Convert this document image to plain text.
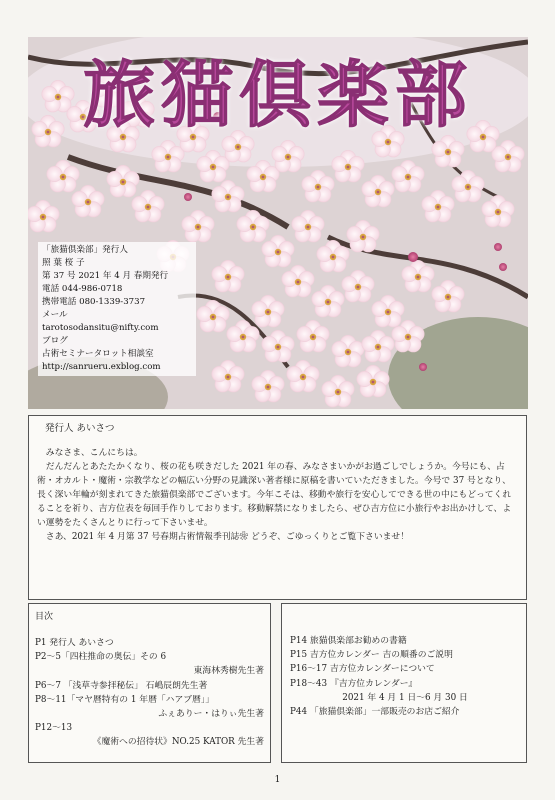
旅猫倶楽部
「旅猫倶楽部」発行人
照 葉 桜 子
第 37 号 2021 年 4 月 春期発行
電話 044-986-0718
携帯電話 080-1339-3737
メール
tarotosodansitu@nifty.com
ブログ
占術セミナータロット相談室
http://sanrueru.exblog.com
発行人 あいさつ

みなさま、こんにちは。

だんだんとあたたかくなり、桜の花も咲きだした 2021 年の春、みなさまいかがお過ごしでしょうか。今号にも、占術・オカルト・魔術・宗教学などの幅広い分野の見識深い著者様に原稿を書いていただきました。今号で 37 号となり、長く深い年輪が刻まれてきた旅猫倶楽部でございます。今年こそは、移動や旅行を安心してできる世の中にもどってくれることを祈り、吉方位表を毎回手作りしております。移動解禁になりましたら、ぜひ吉方位に小旅行やお出かけして、よい運勢をたくさんとりに行って下さいませ。

さあ、2021 年 4 月第 37 号春期占術情報季刊誌❀ どうぞ、ごゆっくりとご覧下さいませ！

目次
P1 発行人 あいさつ
P2～5「四柱推命の奥伝」その 6
東海林秀樹先生著
P6～7 「浅草寺参拝秘伝」 石嶋辰朗先生著
P8～11「マヤ暦特有の 1 年暦「ハアブ暦」」
ふぇありー・はりぃ先生著
P12～13
《魔術への招待状》NO.25 KATOR 先生著
P14 旅猫倶楽部お勧めの書籍
P15 吉方位カレンダー 吉の順番のご説明
P16～17 吉方位カレンダーについて
P18～43 『吉方位カレンダー』
2021 年 4 月 1 日～6 月 30 日
P44 「旅猫倶楽部」一部販売のお店ご紹介
1
